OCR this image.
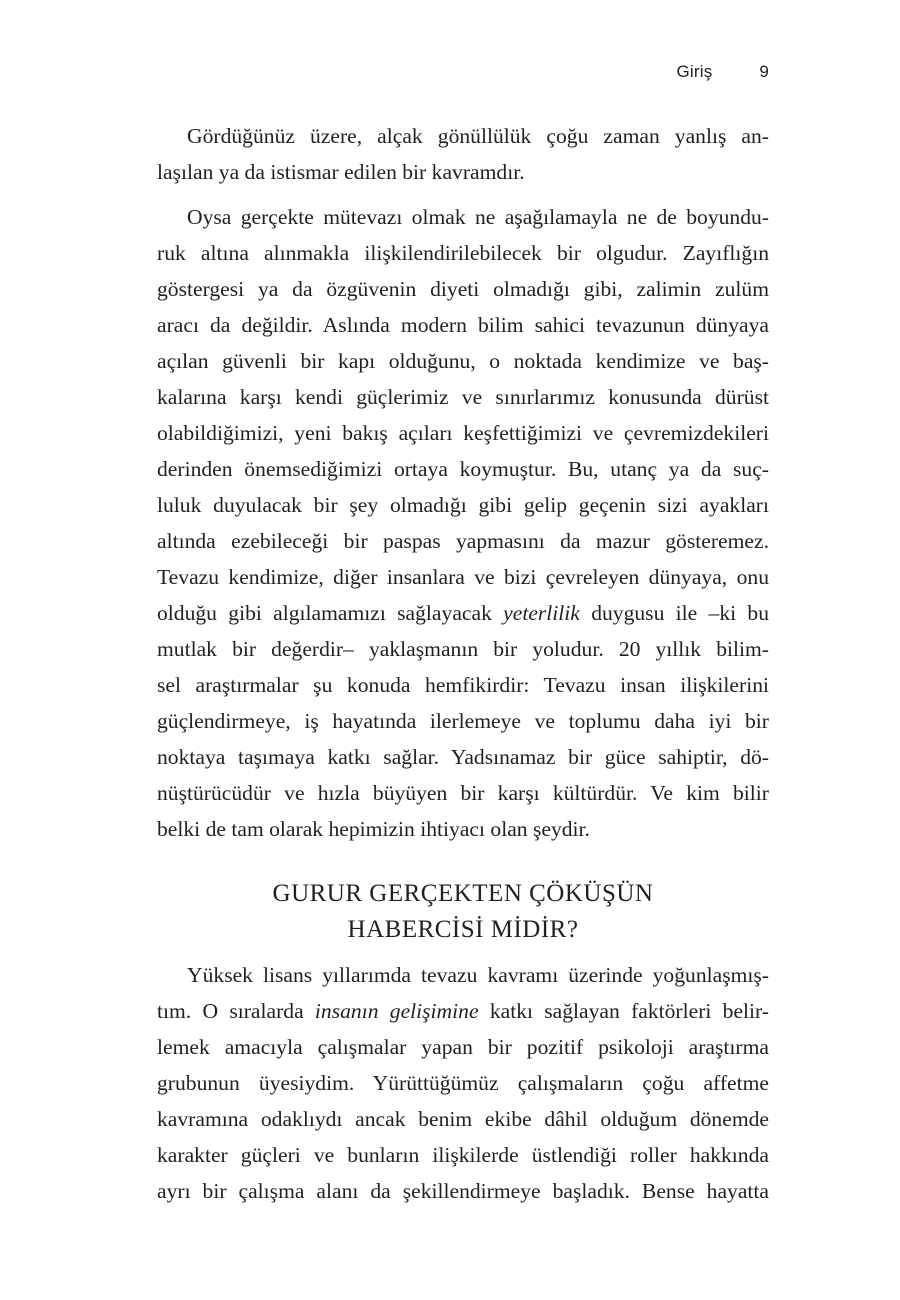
Giriş	9
Gördüğünüz üzere, alçak gönüllülük çoğu zaman yanlış an-
laşılan ya da istismar edilen bir kavramdır.
Oysa gerçekte mütevazı olmak ne aşağılamayla ne de boyundu-
ruk altına alınmakla ilişkilendirilebilecek bir olgudur. Zayıflığın
göstergesi ya da özgüvenin diyeti olmadığı gibi, zalimin zulüm
aracı da değildir. Aslında modern bilim sahici tevazunun dünyaya
açılan güvenli bir kapı olduğunu, o noktada kendimize ve baş-
kalarına karşı kendi güçlerimiz ve sınırlarımız konusunda dürüst
olabildiğimizi, yeni bakış açıları keşfettiğimizi ve çevremizdekileri
derinden önemsediğimizi ortaya koymuştur. Bu, utanç ya da suç-
luluk duyulacak bir şey olmadığı gibi gelip geçenin sizi ayakları
altında ezebileceği bir paspas yapmasını da mazur gösteremez.
Tevazu kendimize, diğer insanlara ve bizi çevreleyen dünyaya, onu
olduğu gibi algılamamızı sağlayacak yeterlilik duygusu ile –ki bu
mutlak bir değerdir– yaklaşmanın bir yoludur. 20 yıllık bilim-
sel araştırmalar şu konuda hemfikirdir: Tevazu insan ilişkilerini
güçlendirmeye, iş hayatında ilerlemeye ve toplumu daha iyi bir
noktaya taşımaya katkı sağlar. Yadsınamaz bir güce sahiptir, dö-
nüştürücüdür ve hızla büyüyen bir karşı kültürdür. Ve kim bilir
belki de tam olarak hepimizin ihtiyacı olan şeydir.
GURUR GERÇEKTEN ÇÖKÜŞÜN
HABERCİSİ MİDİR?
Yüksek lisans yıllarımda tevazu kavramı üzerinde yoğunlaşmış-
tım. O sıralarda insanın gelişimine katkı sağlayan faktörleri belir-
lemek amacıyla çalışmalar yapan bir pozitif psikoloji araştırma
grubunun üyesiydim. Yürüttüğümüz çalışmaların çoğu affetme
kavramına odaklıydı ancak benim ekibe dâhil olduğum dönemde
karakter güçleri ve bunların ilişkilerde üstlendiği roller hakkında
ayrı bir çalışma alanı da şekillendirmeye başladık. Bense hayatta
